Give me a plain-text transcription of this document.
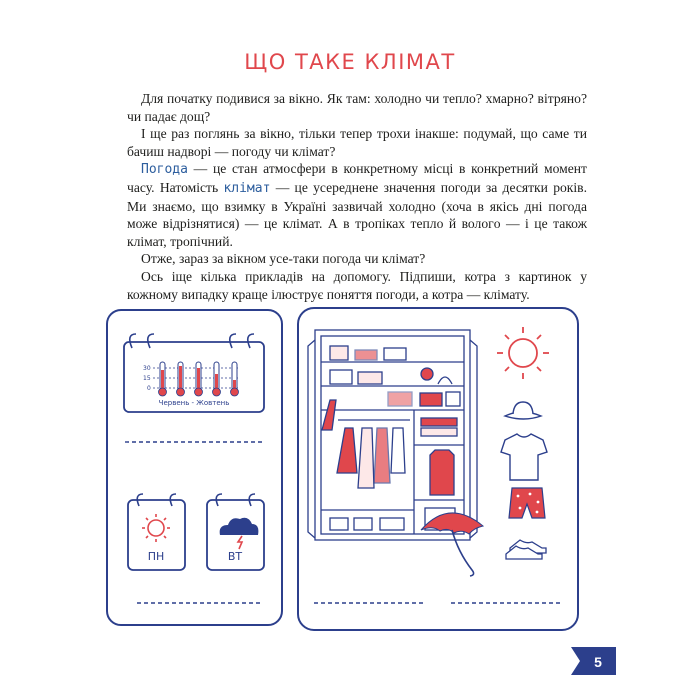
ЩО ТАКЕ КЛІМАТ

Для початку подивися за вікно. Як там: холодно чи тепло? хмарно? вітряно? чи падає дощ?

І ще раз поглянь за вікно, тільки тепер трохи інакше: подумай, що саме ти бачиш надворі — погоду чи клімат?

Погода — це стан атмосфери в конкретному місці в конкретний момент часу. Натомість клімат — це усереднене значення погоди за десятки років. Ми знаємо, що взимку в Україні зазвичай холодно (хоча в якісь дні погода може відрізнятися) — це клімат. А в тропіках тепло й вологo — і це також клімат, тропічний.

Отже, зараз за вікном усе-таки погода чи клімат?

Ось іще кілька прикладів на допомогу. Підпиши, котра з картинок у кожному випадку краще ілюструє поняття погоди, а котра — клімату.

30
15
0
Червень - Жовтень
ПН	ВТ
5
